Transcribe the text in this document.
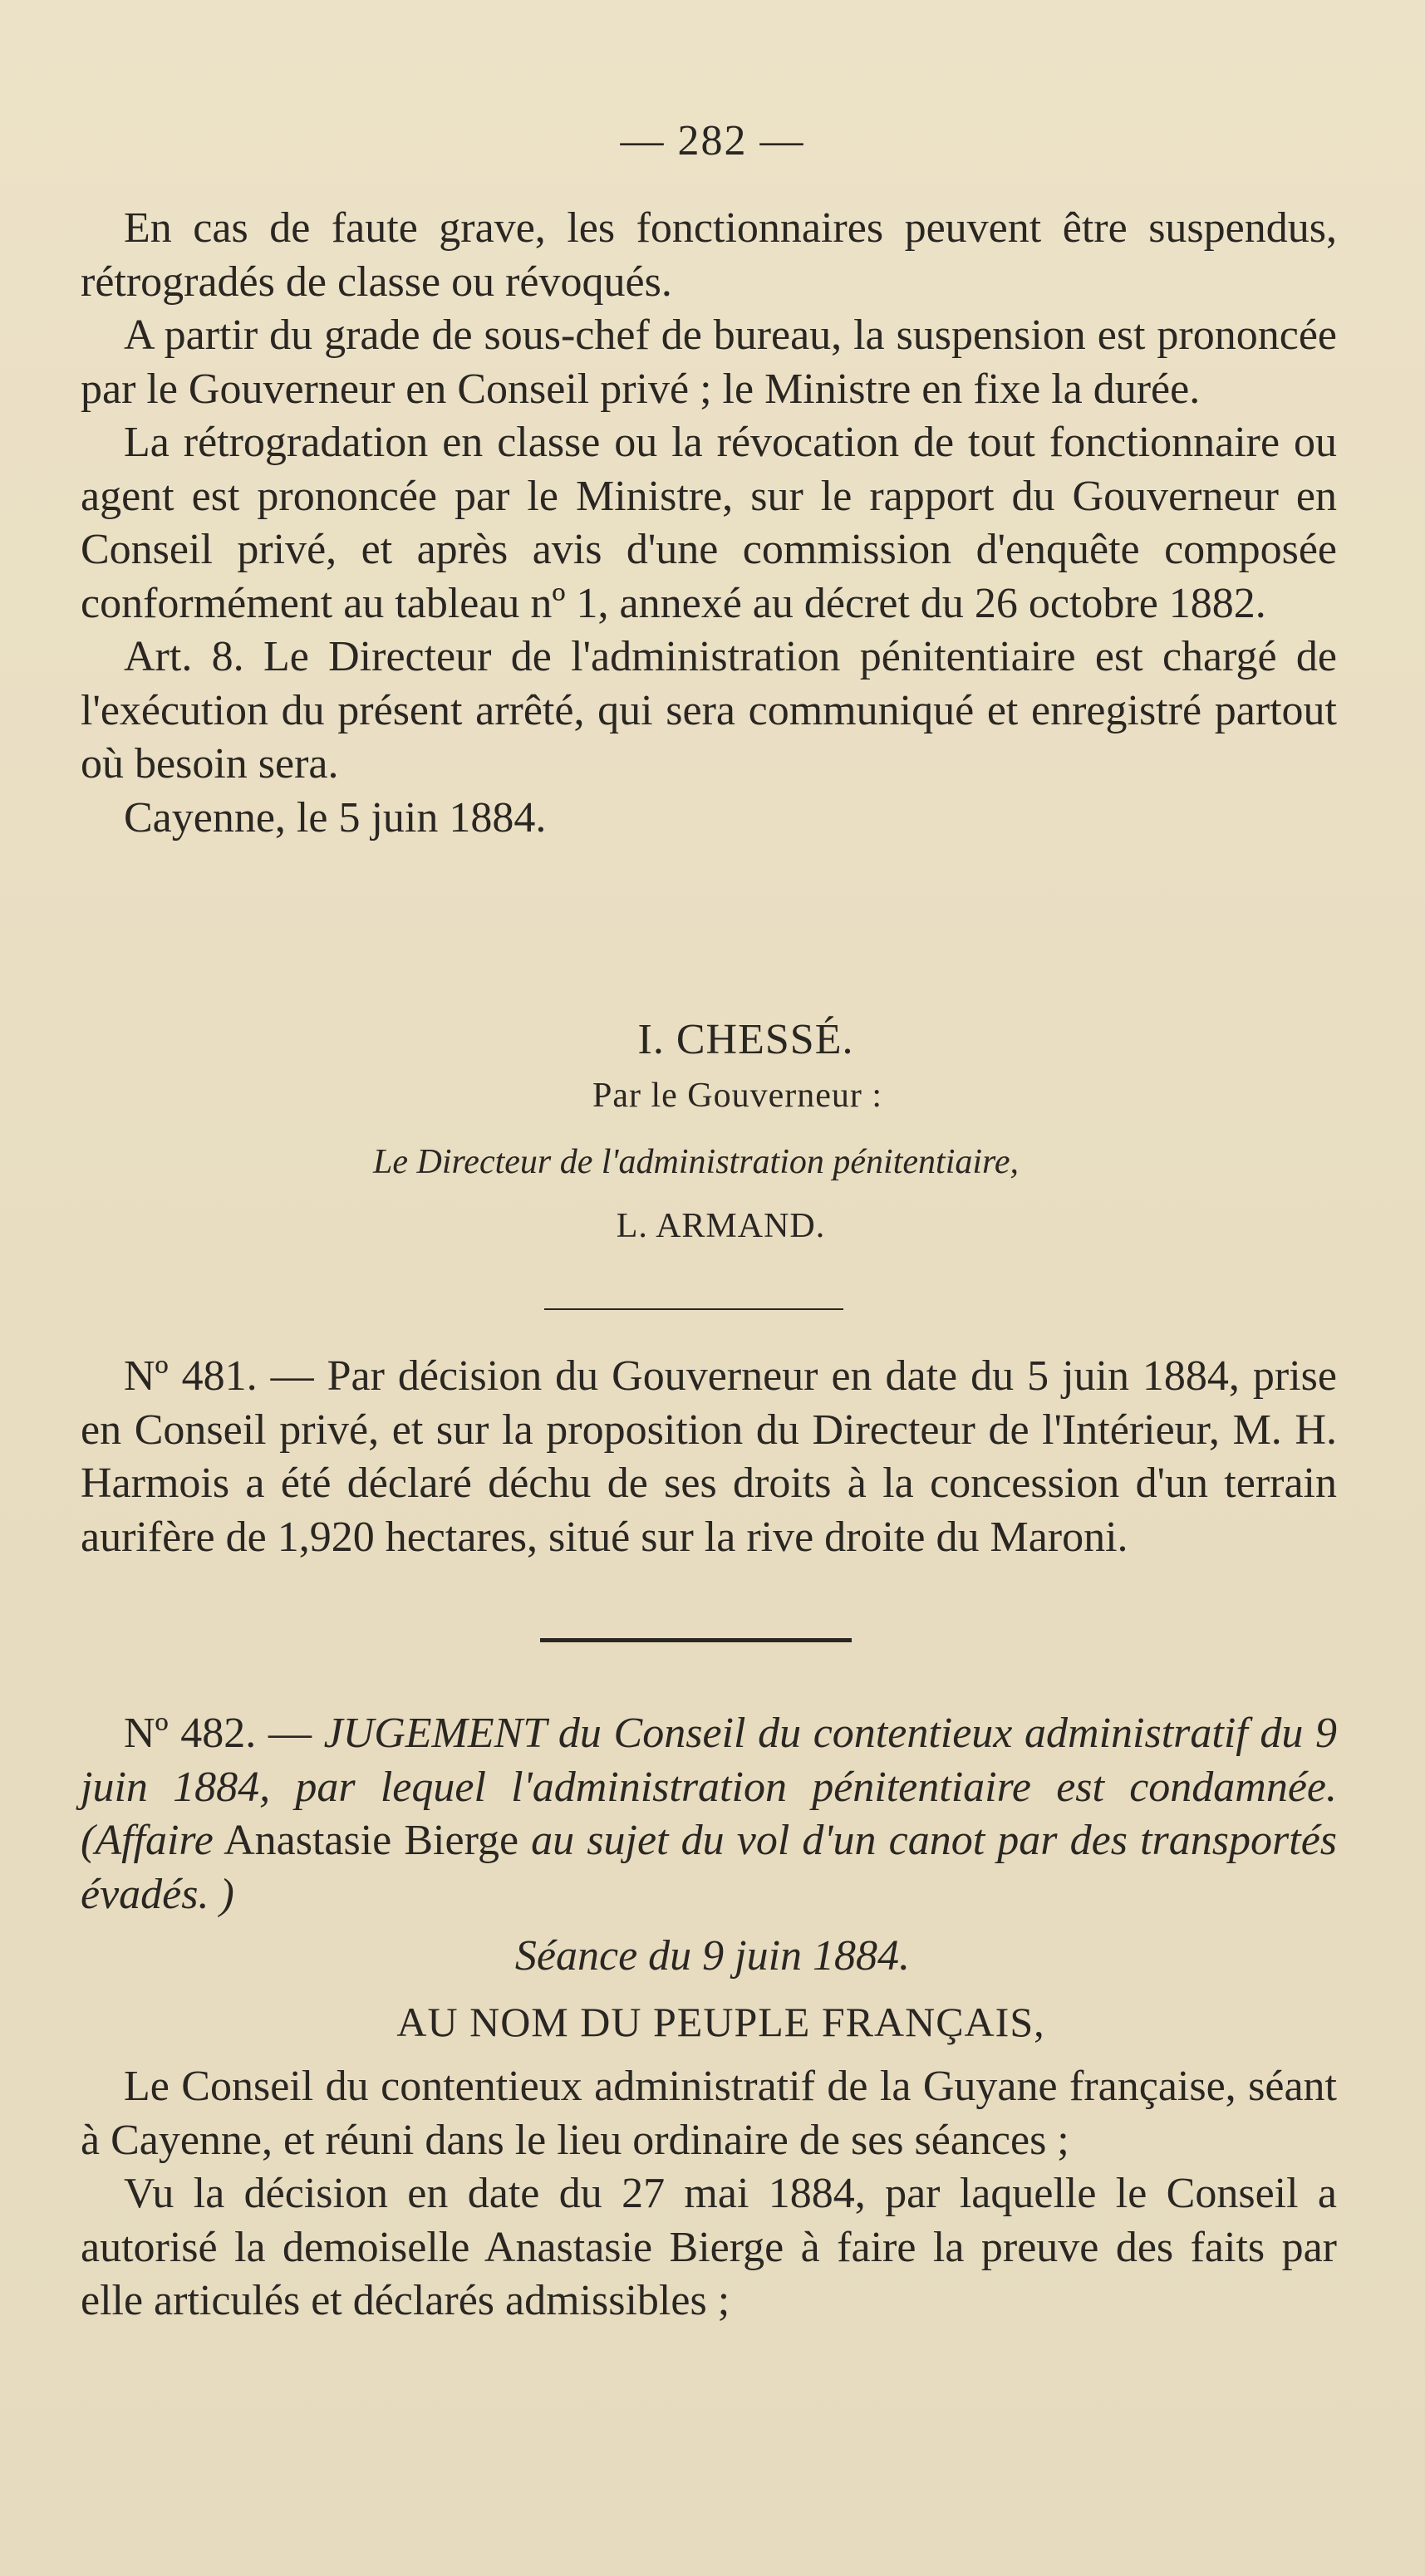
— 282 —

En cas de faute grave, les fonctionnaires peuvent être suspendus, rétrogradés de classe ou révoqués.

A partir du grade de sous-chef de bureau, la suspension est prononcée par le Gouverneur en Conseil privé ; le Ministre en fixe la durée.

La rétrogradation en classe ou la révocation de tout fonctionnaire ou agent est prononcée par le Ministre, sur le rapport du Gouverneur en Conseil privé, et après avis d'une commission d'enquête composée conformément au tableau nº 1, annexé au décret du 26 octobre 1882.

Art. 8. Le Directeur de l'administration pénitentiaire est chargé de l'exécution du présent arrêté, qui sera communiqué et enregistré partout où besoin sera.

Cayenne, le 5 juin 1884.

I. CHESSÉ.
Par le Gouverneur :
Le Directeur de l'administration pénitentiaire,
L. ARMAND.

Nº 481. — Par décision du Gouverneur en date du 5 juin 1884, prise en Conseil privé, et sur la proposition du Directeur de l'Intérieur, M. H. Harmois a été déclaré déchu de ses droits à la concession d'un terrain aurifère de 1,920 hectares, situé sur la rive droite du Maroni.

Nº 482. — JUGEMENT du Conseil du contentieux administratif du 9 juin 1884, par lequel l'administration pénitentiaire est condamnée. (Affaire Anastasie Bierge au sujet du vol d'un canot par des transportés évadés. )

Séance du 9 juin 1884.
AU NOM DU PEUPLE FRANÇAIS,

Le Conseil du contentieux administratif de la Guyane française, séant à Cayenne, et réuni dans le lieu ordinaire de ses séances ;

Vu la décision en date du 27 mai 1884, par laquelle le Conseil a autorisé la demoiselle Anastasie Bierge à faire la preuve des faits par elle articulés et déclarés admissibles ;
